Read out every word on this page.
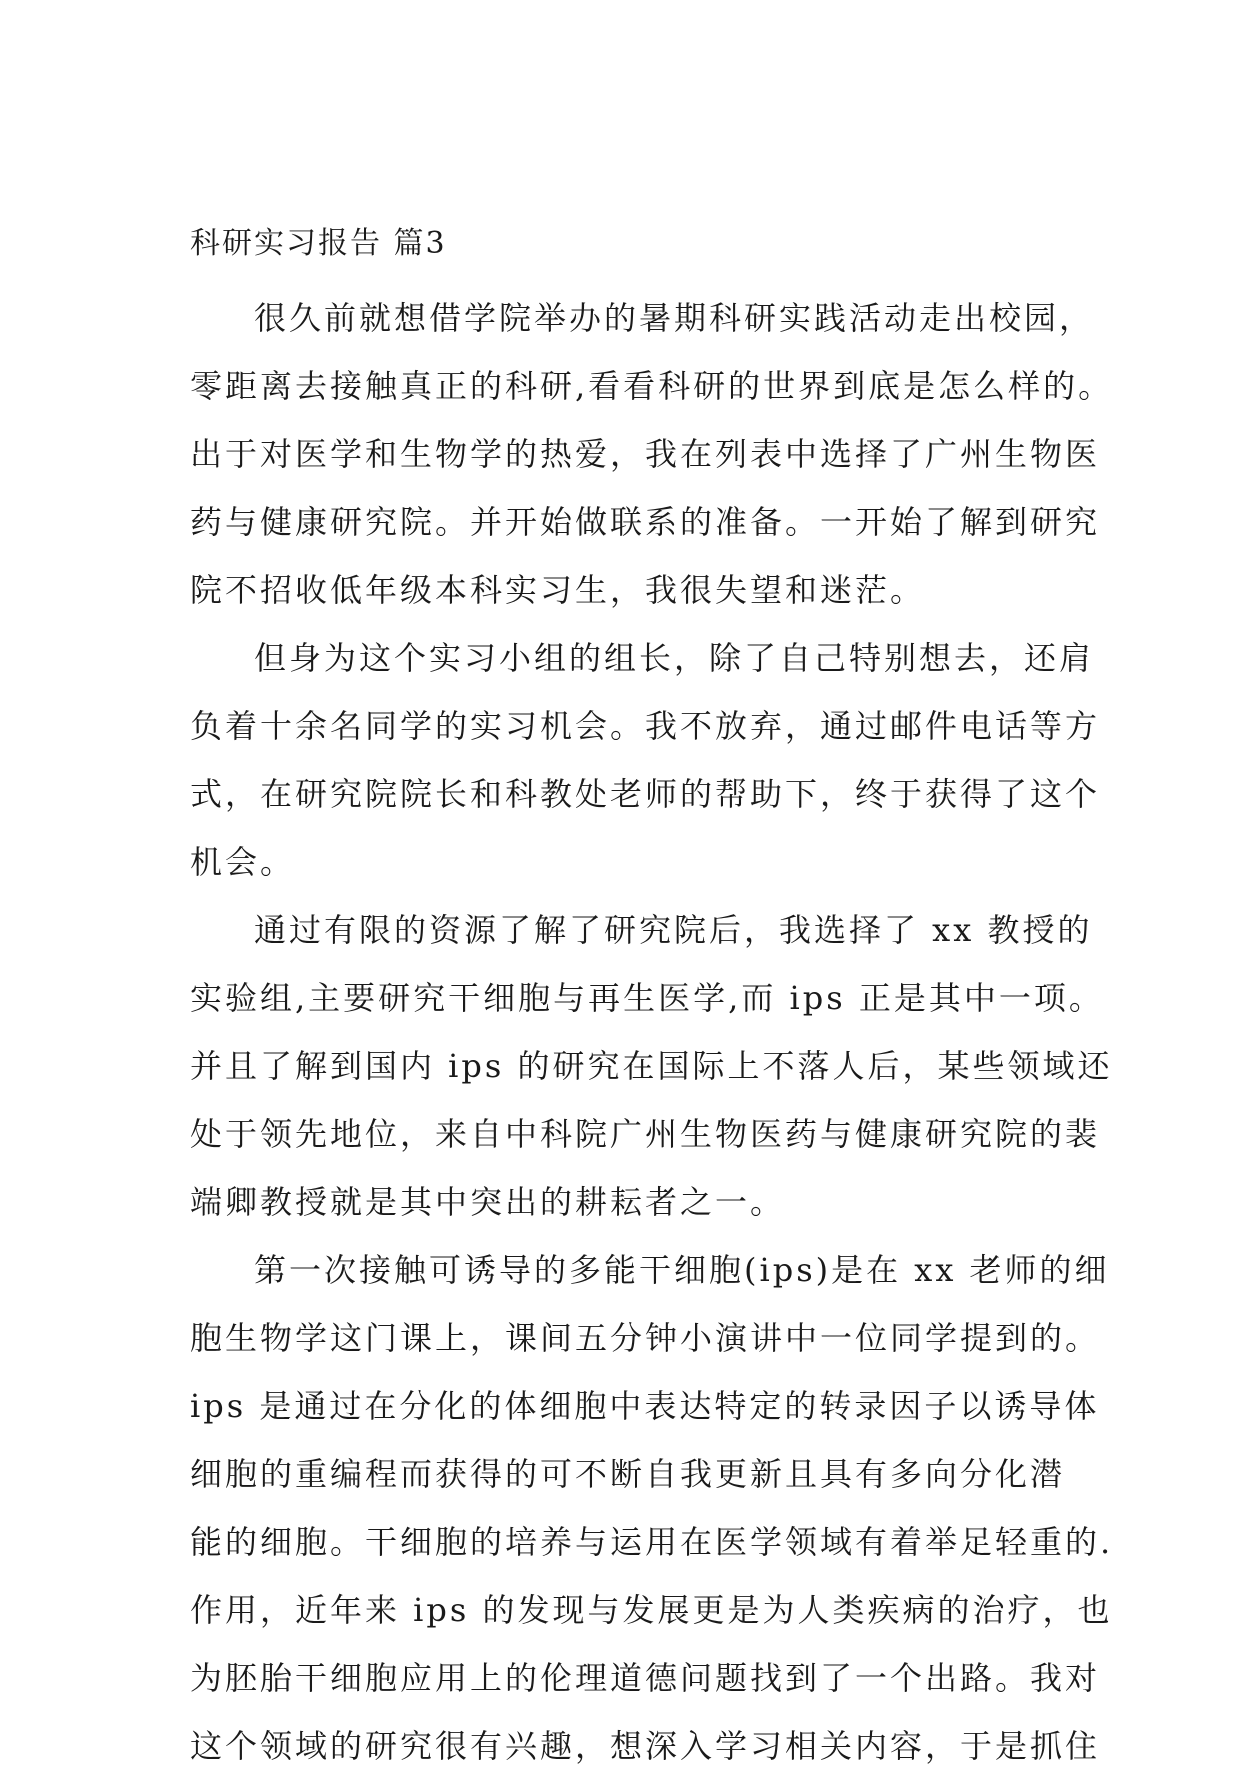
科研实习报告 篇3
很久前就想借学院举办的暑期科研实践活动走出校园，
零距离去接触真正的科研,看看科研的世界到底是怎么样的。
出于对医学和生物学的热爱，我在列表中选择了广州生物医
药与健康研究院。并开始做联系的准备。一开始了解到研究
院不招收低年级本科实习生，我很失望和迷茫。
但身为这个实习小组的组长，除了自己特别想去，还肩
负着十余名同学的实习机会。我不放弃，通过邮件电话等方
式，在研究院院长和科教处老师的帮助下，终于获得了这个
机会。
通过有限的资源了解了研究院后，我选择了 xx 教授的
实验组,主要研究干细胞与再生医学,而 ips 正是其中一项。
并且了解到国内 ips 的研究在国际上不落人后，某些领域还
处于领先地位，来自中科院广州生物医药与健康研究院的裴
端卿教授就是其中突出的耕耘者之一。
第一次接触可诱导的多能干细胞(ips)是在 xx 老师的细
胞生物学这门课上，课间五分钟小演讲中一位同学提到的。
ips 是通过在分化的体细胞中表达特定的转录因子以诱导体
细胞的重编程而获得的可不断自我更新且具有多向分化潜
能的细胞。干细胞的培养与运用在医学领域有着举足轻重的.
作用，近年来 ips 的发现与发展更是为人类疾病的治疗，也
为胚胎干细胞应用上的伦理道德问题找到了一个出路。我对
这个领域的研究很有兴趣，想深入学习相关内容，于是抓住
